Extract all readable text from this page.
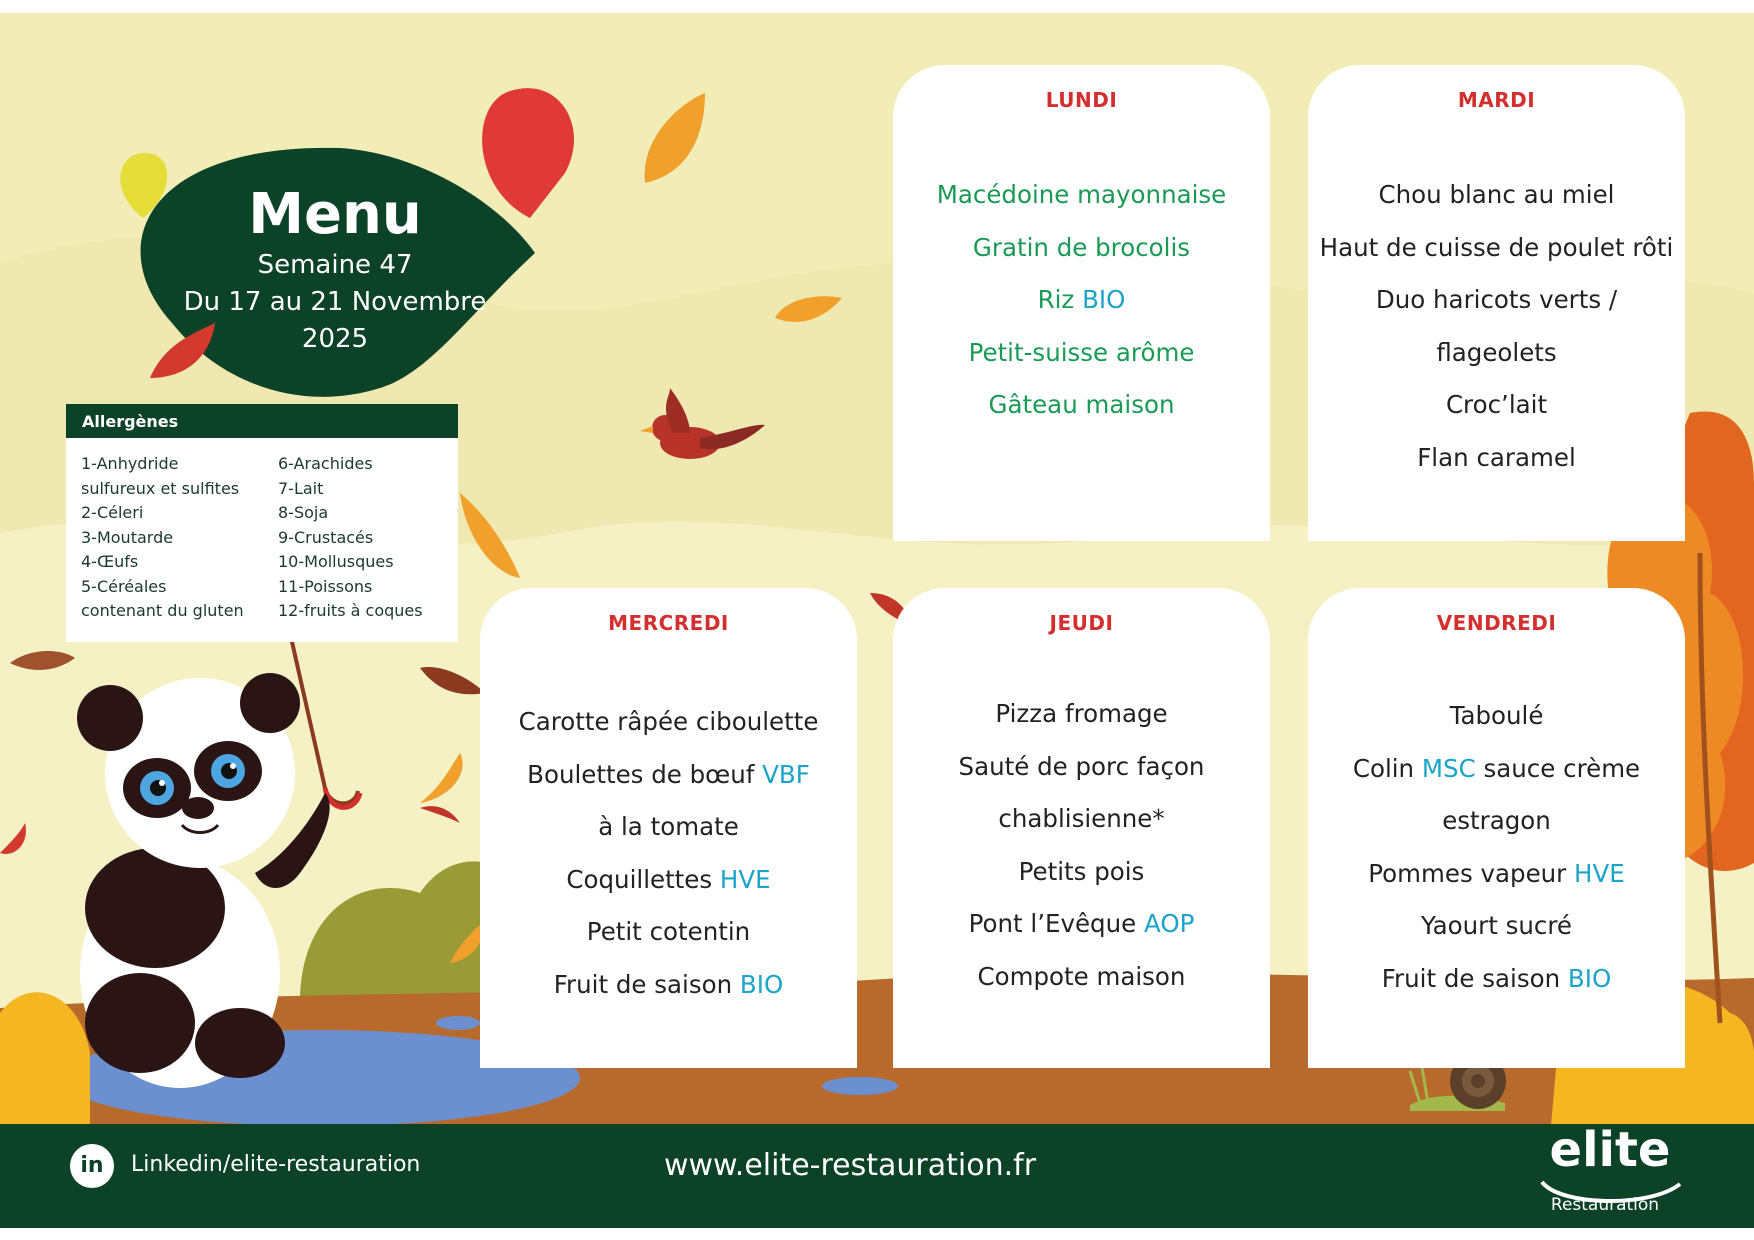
Menu
Semaine 47
Du 17 au 21 Novembre
2025
Allergènes
1-Anhydride
sulfureux et sulfites
2-Céleri
3-Moutarde
4-Œufs
5-Céréales
contenant du gluten
6-Arachides
7-Lait
8-Soja
9-Crustacés
10-Mollusques
11-Poissons
12-fruits à coques
LUNDI
Macédoine mayonnaise
Gratin de brocolis
Riz BIO
Petit-suisse arôme
Gâteau maison
MARDI
Chou blanc au miel
Haut de cuisse de poulet rôti
Duo haricots verts /
flageolets
Croc’lait
Flan caramel
MERCREDI
Carotte râpée ciboulette
Boulettes de bœuf VBF
à la tomate
Coquillettes HVE
Petit cotentin
Fruit de saison BIO
JEUDI
Pizza fromage
Sauté de porc façon
chablisienne*
Petits pois
Pont l’Evêque AOP
Compote maison
VENDREDI
Taboulé
Colin MSC sauce crème
estragon
Pommes vapeur HVE
Yaourt sucré
Fruit de saison BIO
in	Linkedin/elite-restauration	www.elite-restauration.fr	elite
Restauration
